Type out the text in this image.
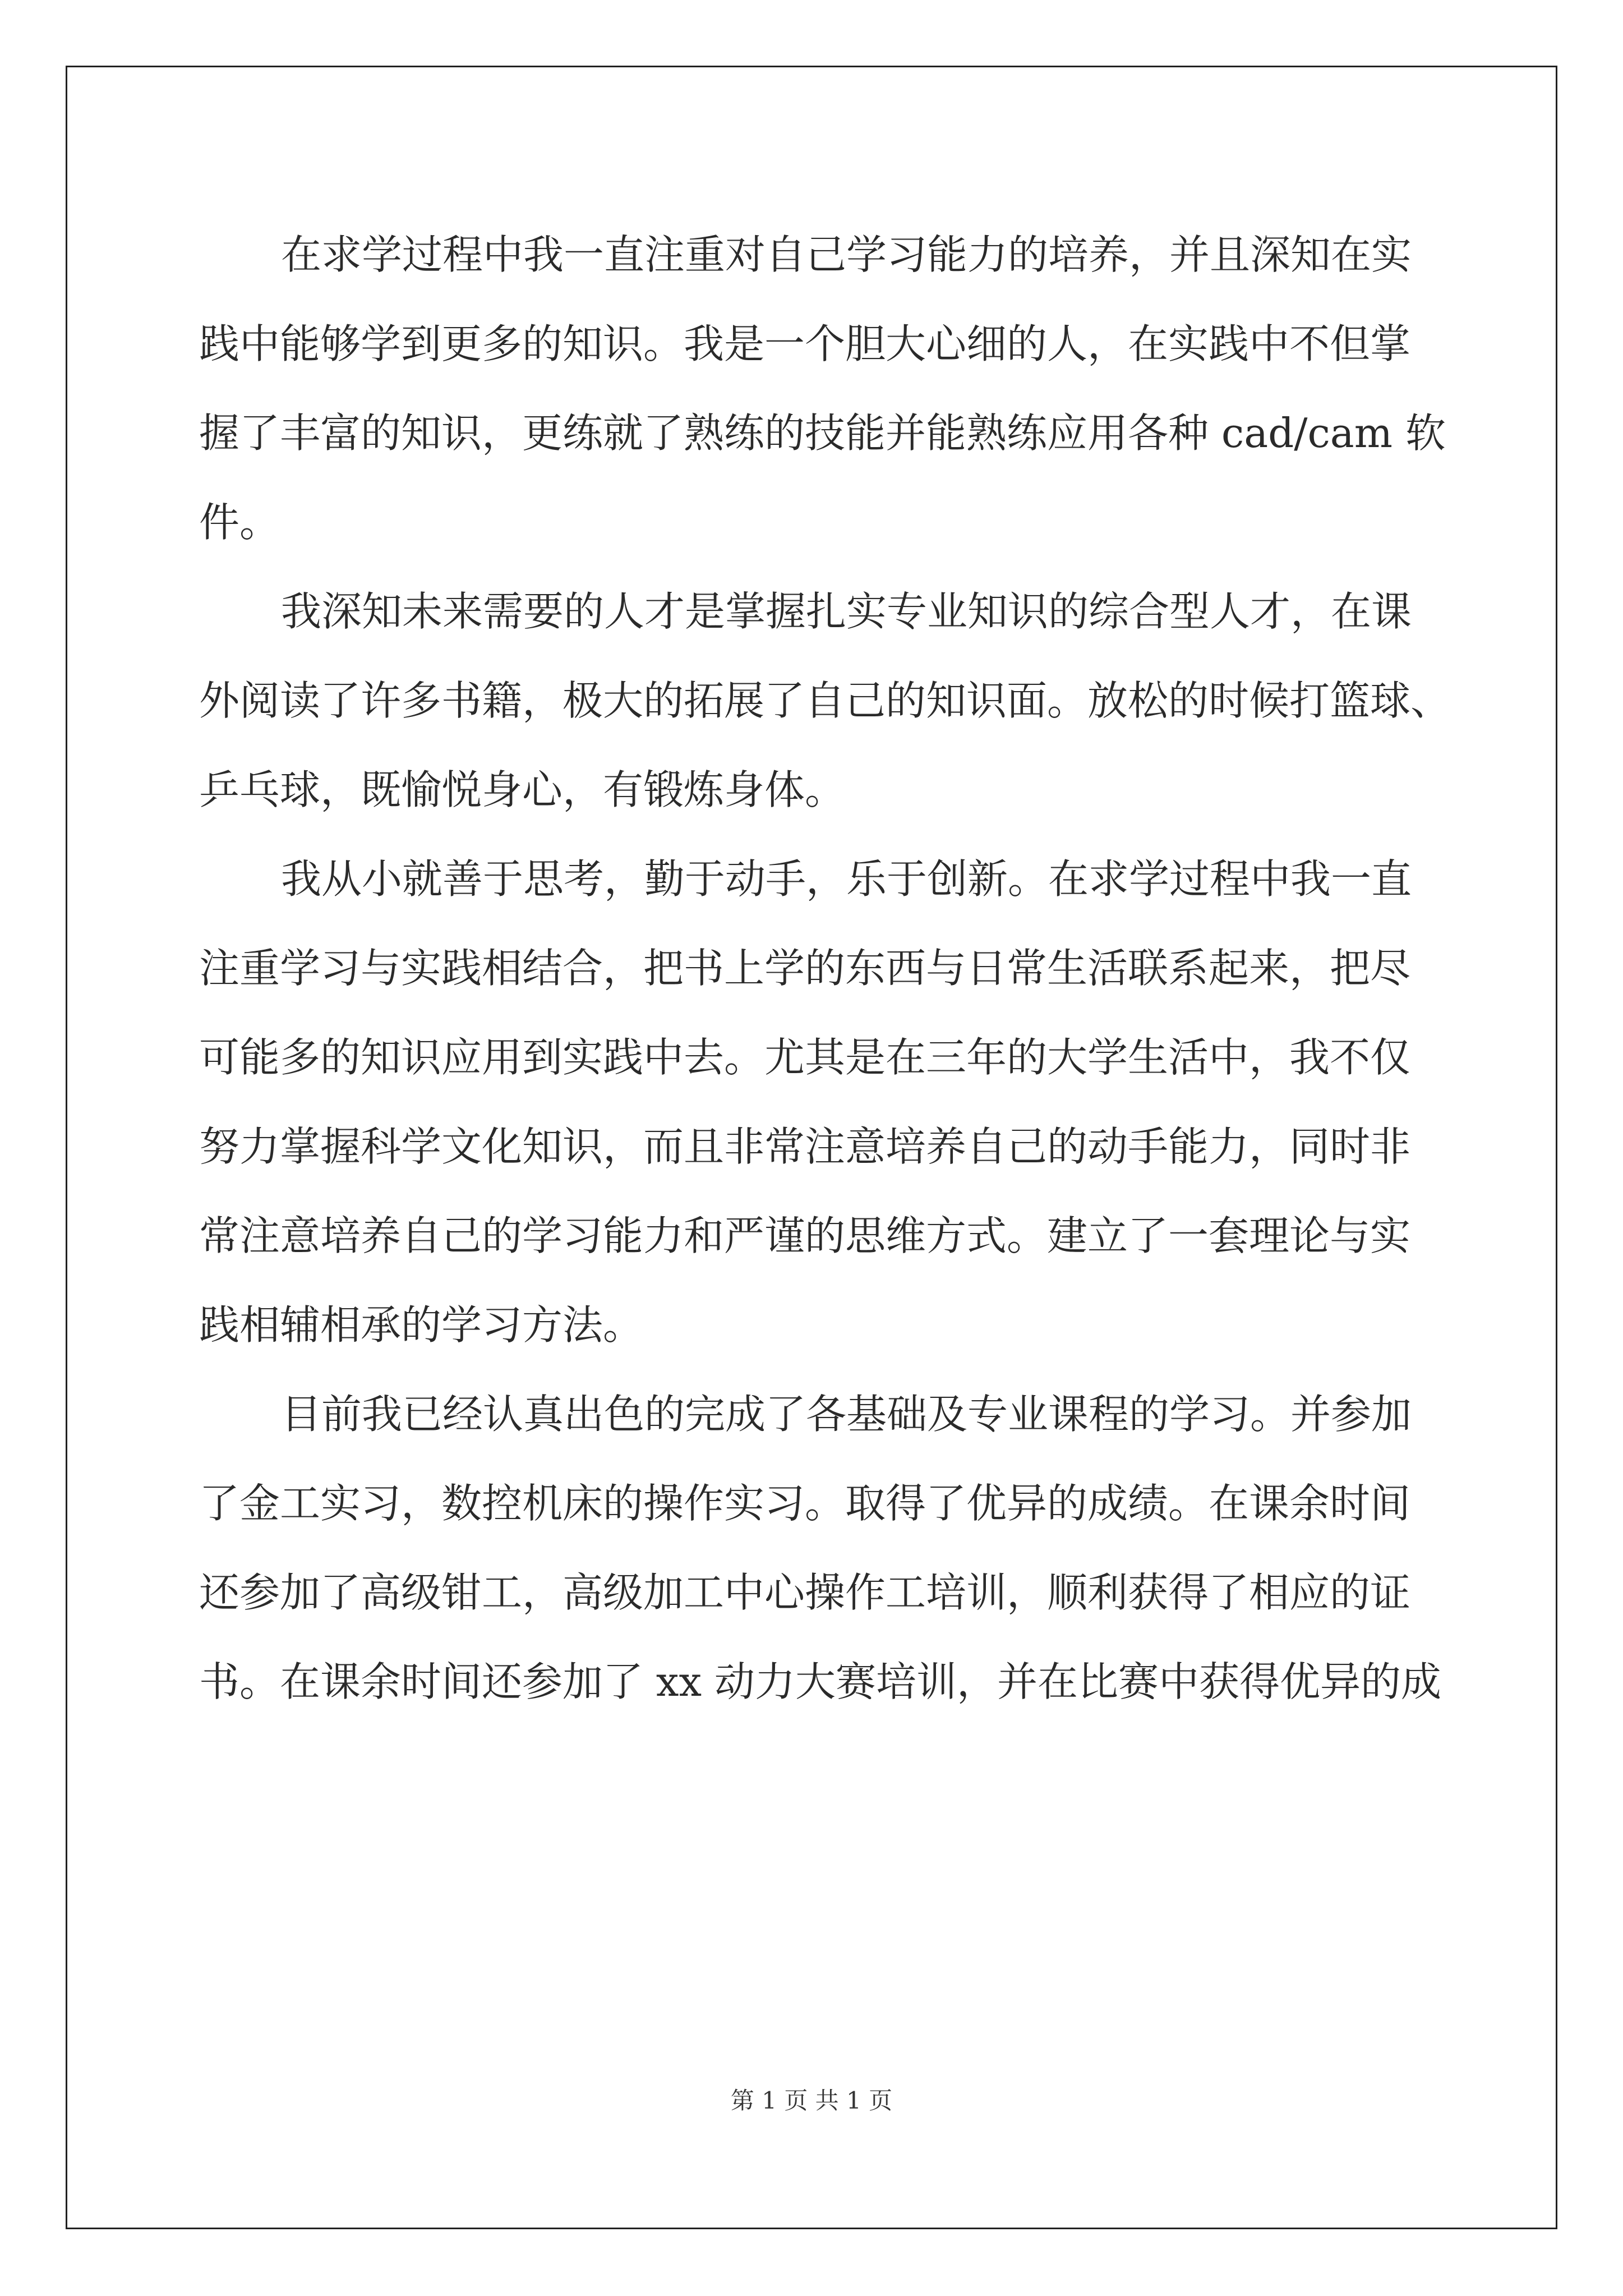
在求学过程中我一直注重对自己学习能力的培养，并且深知在实

践中能够学到更多的知识。我是一个胆大心细的人，在实践中不但掌

握了丰富的知识，更练就了熟练的技能并能熟练应用各种 cad/cam 软

件。

我深知未来需要的人才是掌握扎实专业知识的综合型人才，在课

外阅读了许多书籍，极大的拓展了自己的知识面。放松的时候打篮球、

乒乓球，既愉悦身心，有锻炼身体。

我从小就善于思考，勤于动手，乐于创新。在求学过程中我一直

注重学习与实践相结合，把书上学的东西与日常生活联系起来，把尽

可能多的知识应用到实践中去。尤其是在三年的大学生活中，我不仅

努力掌握科学文化知识，而且非常注意培养自己的动手能力，同时非

常注意培养自己的学习能力和严谨的思维方式。建立了一套理论与实

践相辅相承的学习方法。

目前我已经认真出色的完成了各基础及专业课程的学习。并参加

了金工实习，数控机床的操作实习。取得了优异的成绩。在课余时间

还参加了高级钳工，高级加工中心操作工培训，顺利获得了相应的证

书。在课余时间还参加了 xx 动力大赛培训，并在比赛中获得优异的成

第 1 页 共 1 页
